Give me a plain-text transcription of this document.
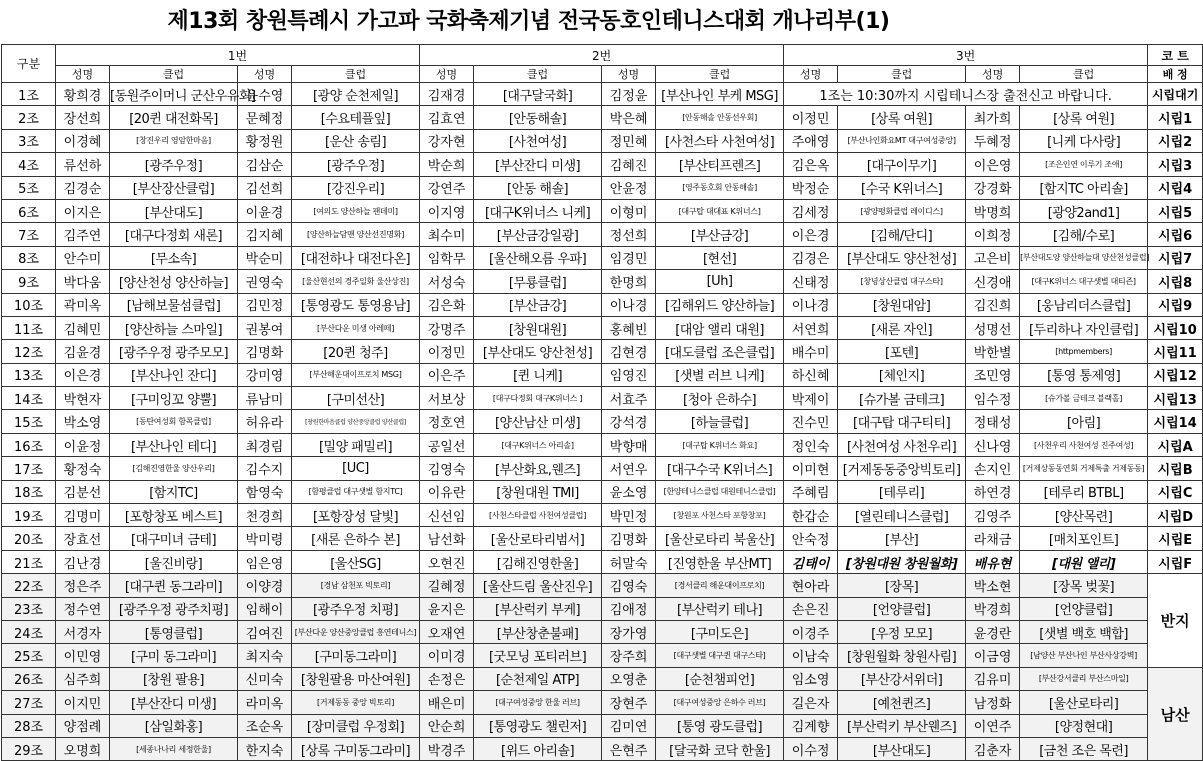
제13회 창원특례시 가고파 국화축제기념 전국동호인테니스대회 개나리부(1)
구분	1번				2번				3번				코 트
	성명	클럽	성명	클럽	성명	클럽	성명	클럽	성명	클럽	성명	클럽	배 정
1조	황희경	[동원주이머니 군산우유회]	윤수영	[광양 순천제일]	김재경	[대구달국화]	김정윤	[부산나인 부케 MSG]	1조는 10:30까지 시립테니스장 출전신고 바랍니다.				시립대기
2조	장선희	[20퀸 대전화목]	문혜정	[수요테플잎]	김효연	[안동해솔]	박은혜	[안동해솔 안동선우회]	이정민	[상록 여원]	최가희	[상록 여원]	시립1
3조	이경혜	[창진우리 영암한마음]	황정원	[운산 송림]	강자현	[사천여성]	정민혜	[사천스타 사천여성]	주애영	[부산나인화요MT 대구여성중앙]	두혜정	[니케 다사랑]	시립2
4조	류선하	[광주우정]	김삼순	[광주우정]	박순희	[부산잔디 미생]	김혜진	[부산티프렌즈]	김은옥	[대구이무기]	이은영	[조은인연 이루기 조애]	시립3
5조	김경순	[부산장산클럽]	김선희	[강진우리]	강연주	[안동 해솔]	안윤정	[영주동호회 안동해솔]	박정순	[수국 K위너스]	강경화	[함지TC 아리솔]	시립4
6조	이지은	[부산대도]	이윤경	[여의도 양산하늘 팬데미]	이지영	[대구K위너스 니케]	이형미	[대구탑 대대표 K위너스]	김세정	[광양평화클럽 레이디스]	박명희	[광양2and1]	시립5
7조	김주연	[대구다정회 새론]	김지혜	[양산하늘담맨 양산선진명화]	최수미	[부산금강일광]	정선희	[부산금강]	이은경	[김해/단디]	이희정	[김해/수로]	시립6
8조	안수미	[무소속]	박순미	[대전하나 대전다온]	임학무	[울산해오름 우파]	임경민	[현선]	김경은	[부산대도 양산천성]	고은비	[부산대도양 양산하늘대 양산천성클럽]	시립7
9조	박다움	[양산천성 양산하늘]	권영숙	[울산현선의 경주일화 울산상진]	서성숙	[무룡클럽]	한명희	[Uh]	신태정	[창녕상산클럽 대구스타]	신경애	[대구K위너스 대구샛별 대티즌]	시립8
10조	곽미옥	[남해보물섬클럽]	김민정	[통영광도 통영용남]	김은화	[부산금강]	이나경	[김해위드 양산하늘]	이나경	[창원대암]	김진희	[웅남리더스클럽]	시립9
11조	김혜민	[양산하늘 스마일]	권봉여	[부산다운 미생 아레떼]	강명주	[창원대원]	홍혜빈	[대암 앨리 대원]	서연희	[새론 자인]	성명선	[두리하나 자인클럽]	시립10
12조	김윤경	[광주우정 광주모모]	김명화	[20퀸 청주]	이정민	[부산대도 양산천성]	김현경	[대도클럽 조은클럽]	배수미	[포텐]	박한별	[httpmembers]	시립11
13조	이은경	[부산나인 잔디]	강미영	[부산해운대이프로치 MSG]	이은주	[퀸 니케]	임영진	[샛별 러브 니케]	하신혜	[체인지]	조민영	[통영 통제영]	시립12
14조	박현자	[구미잉꼬 양뿔]	류남미	[구미선산]	서보상	[대구다정회 대구K위너스 ]	서효주	[청아 은하수]	박제이	[슈가볼 금테크]	임수정	[슈가볼 금테크 블랙홀]	시립13
15조	박소영	[동탄여성회 함목클럽]	허유라	[창원한마음클럽 양산중앙클럽 양산클럽]	정호연	[양산남산 미생]	강석경	[하늘클럽]	진수민	[대구탑 대구티티]	정태성	[아림]	시립14
16조	이윤정	[부산나인 테디]	최경림	[밀양 패밀리]	공일선	[대구K위너스 아리솔]	박향매	[대구탑 K위너스 화요]	정인숙	[사천여성 사천우리]	신나영	[사천우리 사천여성 진주여성]	시립A
17조	황정숙	[김해진영한울 양산우리]	김수지	[UC]	김영숙	[부산화요,웬즈]	서연우	[대구수국 K위너스]	이미현	[거제동동중앙빅토리]	손지인	[거제상동동연회 거제특출 거제동동]	시립B
18조	김분선	[함지TC]	함영숙	[함평클럽 대구샛별 함지TC]	이유란	[창원대원 TMI]	윤소영	[한양테니스클럽 대원테니스클럽]	주혜림	[테루리]	하연경	[테루리 BTBL]	시립C
19조	김명미	[포항창포 베스트]	천경희	[포항장성 달빛]	신선임	[사천스타클럽 사천여성클럽]	박민정	[창원포 사천스타 포항창포]	한갑순	[열린테니스클럽]	김영주	[양산목련]	시립D
20조	장효선	[대구미녀 금테]	박미령	[새론 은하수 본]	남선화	[울산로타리범서]	김명화	[울산로타리 북울산]	안숙정	[부산]	라채금	[매치포인트]	시립E
21조	김난경	[울진비랑]	임은영	[울산SG]	오현진	[김해진영한울]	허말숙	[진영한울 부산MT]	김태이	[창원대원 창원월화]	배유현	[대원 앨리]	시립F
22조	정은주	[대구퀸 동그라미]	이양경	[경남 삼천포 빅토리]	길혜정	[울산드림 울산진우]	김영숙	[경서클리 해운대이프로치]	현아라	[장목]	박소현	[장목 벚꽃]	반지
23조	정수연	[광주우정 광주치평]	임해이	[광주우정 치평]	윤지은	[부산럭키 부케]	김애정	[부산럭키 테나]	손은진	[언양클럽]	박경희	[언양클럽]	
24조	서경자	[통영클럽]	김여진	[부산다운 양산중앙클럽 흥연테니스]	오재연	[부산창춘불패]	장가영	[구미도은]	이경주	[우정 모모]	윤경란	[샛별 백호 백합]	
25조	이민영	[구미 동그라미]	최지숙	[구미동그라미]	이미경	[굿모닝 포티러브]	장주희	[대구샛별 대구퀸 대구스타]	이남숙	[창원월화 창원사림]	이금영	[남양산 부산나인 부산사상강벽]	
26조	심주희	[창원 팔용]	신미숙	[창원팔용 마산여원]	손정은	[순천제일 ATP]	오영춘	[순천챔피언]	임소영	[부산강서위더]	김유미	[부산강서클리 부산스마일]	남산
27조	이지민	[부산잔디 미생]	라미옥	[거제동동 중앙 빅토리]	배은미	[대구여성중앙 한울 러브]	장현주	[대구여성중앙 은하수 러브]	길은자	[예천퀸즈]	남정화	[울산로타리]	
28조	양점례	[삼일화홍]	조순옥	[장미클럽 우정회]	안순희	[통영광도 챌린저]	김미연	[통영 광도클럽]	김계향	[부산럭키 부산웬즈]	이연주	[양정현대]	
29조	오명희	[세종나나리 세정한울]	한지숙	[상록 구미동그라미]	박경주	[위드 아리솔]	은현주	[달국화 코닥 한울]	이수정	[부산대도]	김춘자	[금천 조은 목련]	
